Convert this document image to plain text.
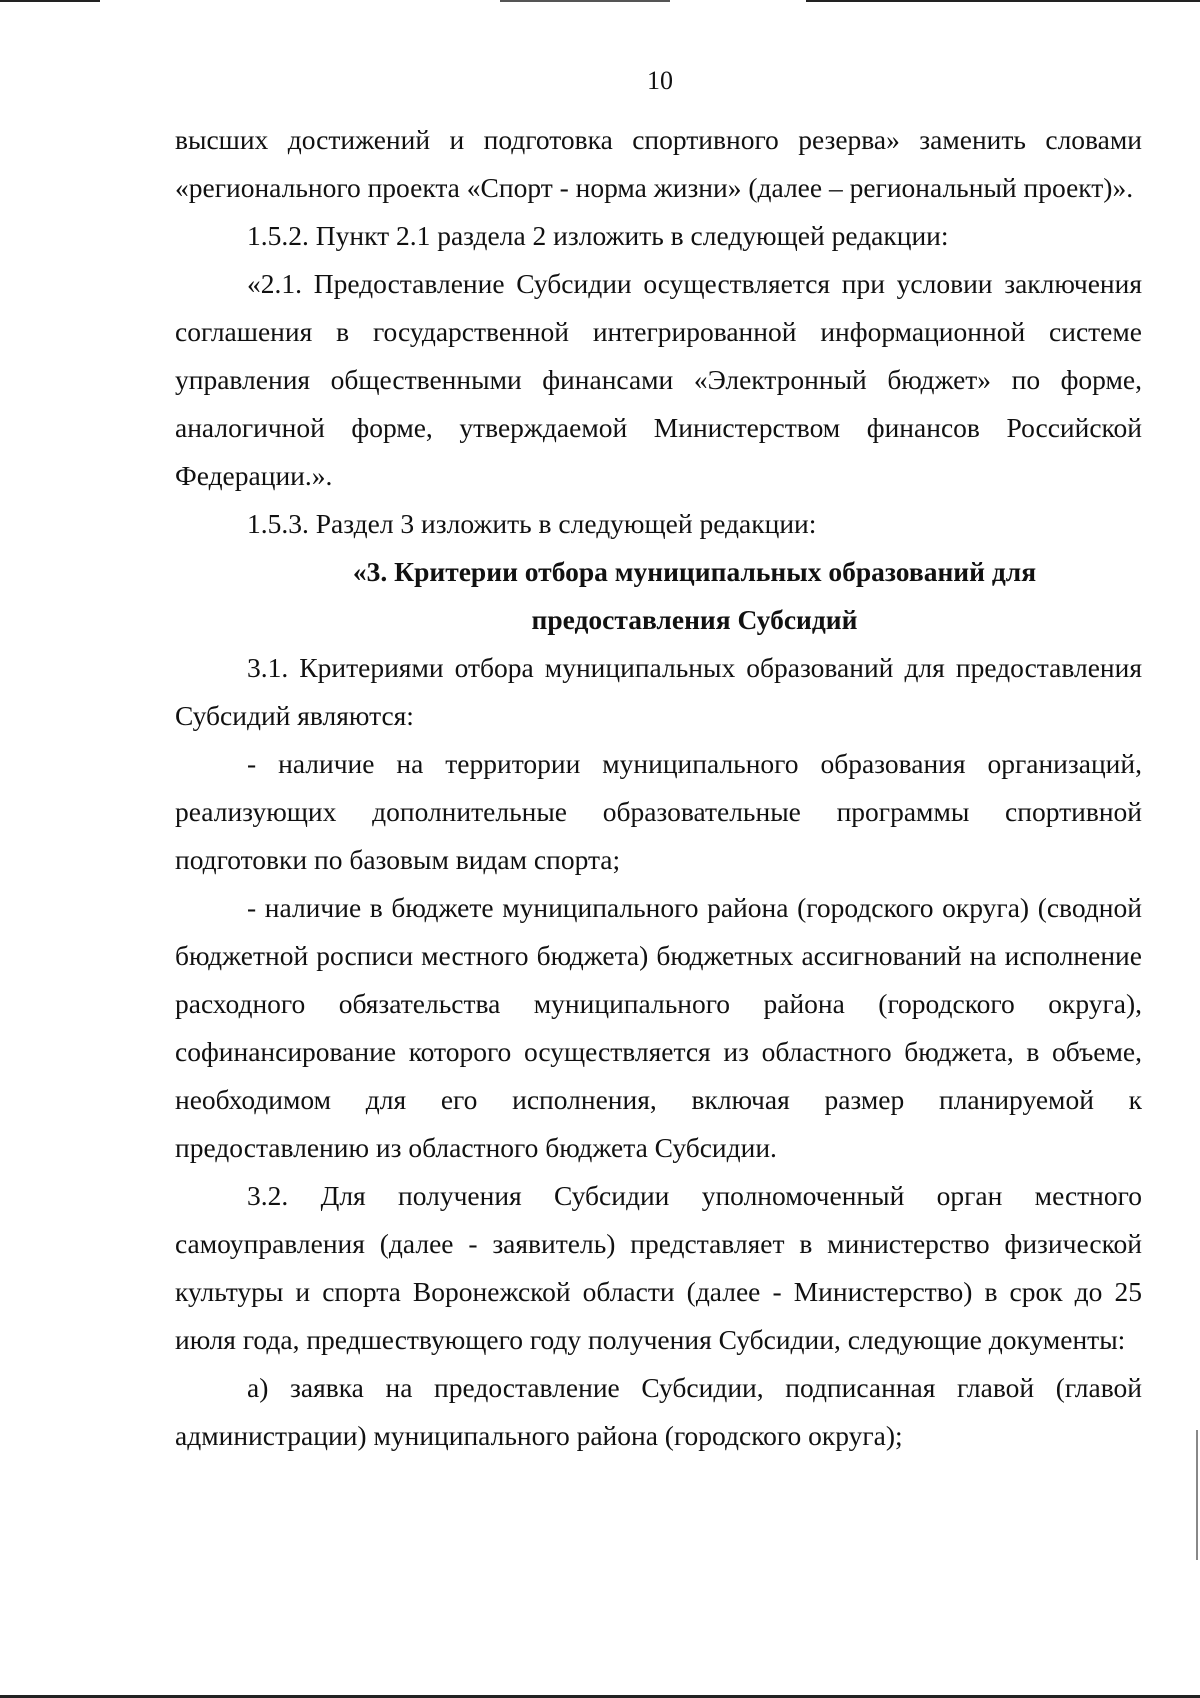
10

высших достижений и подготовка спортивного резерва» заменить словами «регионального проекта «Спорт - норма жизни» (далее – региональный проект)».

1.5.2. Пункт 2.1 раздела 2 изложить в следующей редакции:

«2.1. Предоставление Субсидии осуществляется при условии заключения соглашения в государственной интегрированной информационной системе управления общественными финансами «Электронный бюджет» по форме, аналогичной форме, утверждаемой Министерством финансов Российской Федерации.».

1.5.3. Раздел 3 изложить в следующей редакции:

«3. Критерии отбора муниципальных образований для

предоставления Субсидий

3.1. Критериями отбора муниципальных образований для предоставления Субсидий являются:

- наличие на территории муниципального образования организаций, реализующих дополнительные образовательные программы спортивной подготовки по базовым видам спорта;

- наличие в бюджете муниципального района (городского округа) (сводной бюджетной росписи местного бюджета) бюджетных ассигнований на исполнение расходного обязательства муниципального района (городского округа), софинансирование которого осуществляется из областного бюджета, в объеме, необходимом для его исполнения, включая размер планируемой к предоставлению из областного бюджета Субсидии.

3.2. Для получения Субсидии уполномоченный орган местного самоуправления (далее - заявитель) представляет в министерство физической культуры и спорта Воронежской области (далее - Министерство) в срок до 25 июля года, предшествующего году получения Субсидии, следующие документы:

а) заявка на предоставление Субсидии, подписанная главой (главой администрации) муниципального района (городского округа);
